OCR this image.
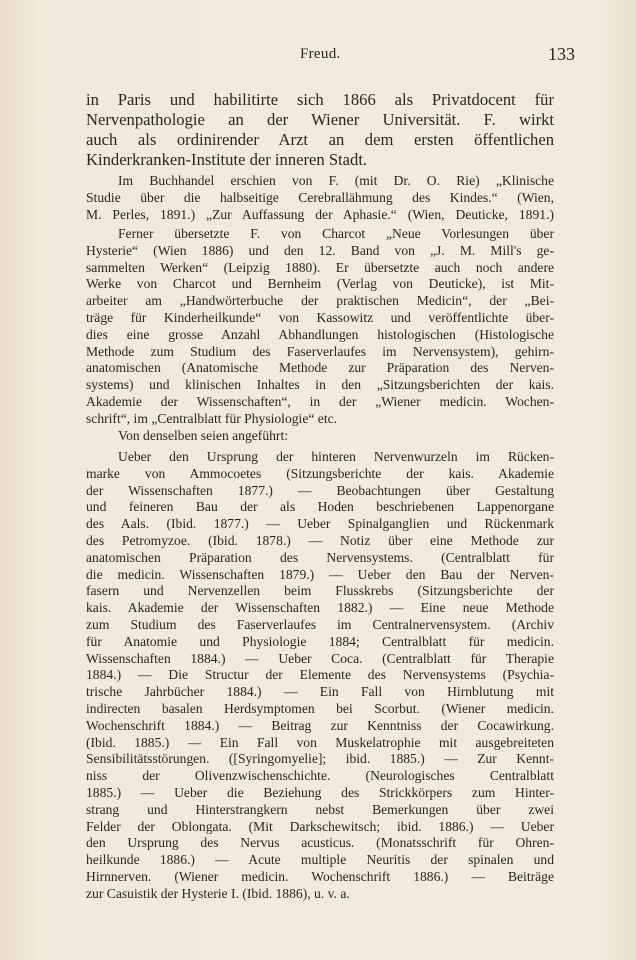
Freud.	133
in Paris und habilitirte sich 1866 als Privatdocent für
Nervenpathologie an der Wiener Universität. F. wirkt
auch als ordinirender Arzt an dem ersten öffentlichen
Kinderkranken-Institute der inneren Stadt.
Im Buchhandel erschien von F. (mit Dr. O. Rie) „Klinische
Studie über die halbseitige Cerebrallähmung des Kindes.“ (Wien,
M. Perles, 1891.) „Zur Auffassung der Aphasie.“ (Wien, Deuticke, 1891.)
Ferner übersetzte F. von Charcot „Neue Vorlesungen über
Hysterie“ (Wien 1886) und den 12. Band von „J. M. Mill's ge-
sammelten Werken“ (Leipzig 1880). Er übersetzte auch noch andere
Werke von Charcot und Bernheim (Verlag von Deuticke), ist Mit-
arbeiter am „Handwörterbuche der praktischen Medicin“, der „Bei-
träge für Kinderheilkunde“ von Kassowitz und veröffentlichte über-
dies eine grosse Anzahl Abhandlungen histologischen (Histologische
Methode zum Studium des Faserverlaufes im Nervensystem), gehirn-
anatomischen (Anatomische Methode zur Präparation des Nerven-
systems) und klinischen Inhaltes in den „Sitzungsberichten der kais.
Akademie der Wissenschaften“, in der „Wiener medicin. Wochen-
schrift“, im „Centralblatt für Physiologie“ etc.
Von denselben seien angeführt:
Ueber den Ursprung der hinteren Nervenwurzeln im Rücken-
marke von Ammocoetes (Sitzungsberichte der kais. Akademie
der Wissenschaften 1877.) — Beobachtungen über Gestaltung
und feineren Bau der als Hoden beschriebenen Lappenorgane
des Aals. (Ibid. 1877.) — Ueber Spinalganglien und Rückenmark
des Petromyzoe. (Ibid. 1878.) — Notiz über eine Methode zur
anatomischen Präparation des Nervensystems. (Centralblatt für
die medicin. Wissenschaften 1879.) — Ueber den Bau der Nerven-
fasern und Nervenzellen beim Flusskrebs (Sitzungsberichte der
kais. Akademie der Wissenschaften 1882.) — Eine neue Methode
zum Studium des Faserverlaufes im Centralnervensystem. (Archiv
für Anatomie und Physiologie 1884; Centralblatt für medicin.
Wissenschaften 1884.) — Ueber Coca. (Centralblatt für Therapie
1884.) — Die Structur der Elemente des Nervensystems (Psychia-
trische Jahrbücher 1884.) — Ein Fall von Hirnblutung mit
indirecten basalen Herdsymptomen bei Scorbut. (Wiener medicin.
Wochenschrift 1884.) — Beitrag zur Kenntniss der Cocawirkung.
(Ibid. 1885.) — Ein Fall von Muskelatrophie mit ausgebreiteten
Sensibilitätsstörungen. ([Syringomyelie]; ibid. 1885.) — Zur Kennt-
niss der Olivenzwischenschichte. (Neurologisches Centralblatt
1885.) — Ueber die Beziehung des Strickkörpers zum Hinter-
strang und Hinterstrangkern nebst Bemerkungen über zwei
Felder der Oblongata. (Mit Darkschewitsch; ibid. 1886.) — Ueber
den Ursprung des Nervus acusticus. (Monatsschrift für Ohren-
heilkunde 1886.) — Acute multiple Neuritis der spinalen und
Hirnnerven. (Wiener medicin. Wochenschrift 1886.) — Beiträge
zur Casuistik der Hysterie I. (Ibid. 1886), u. v. a.
